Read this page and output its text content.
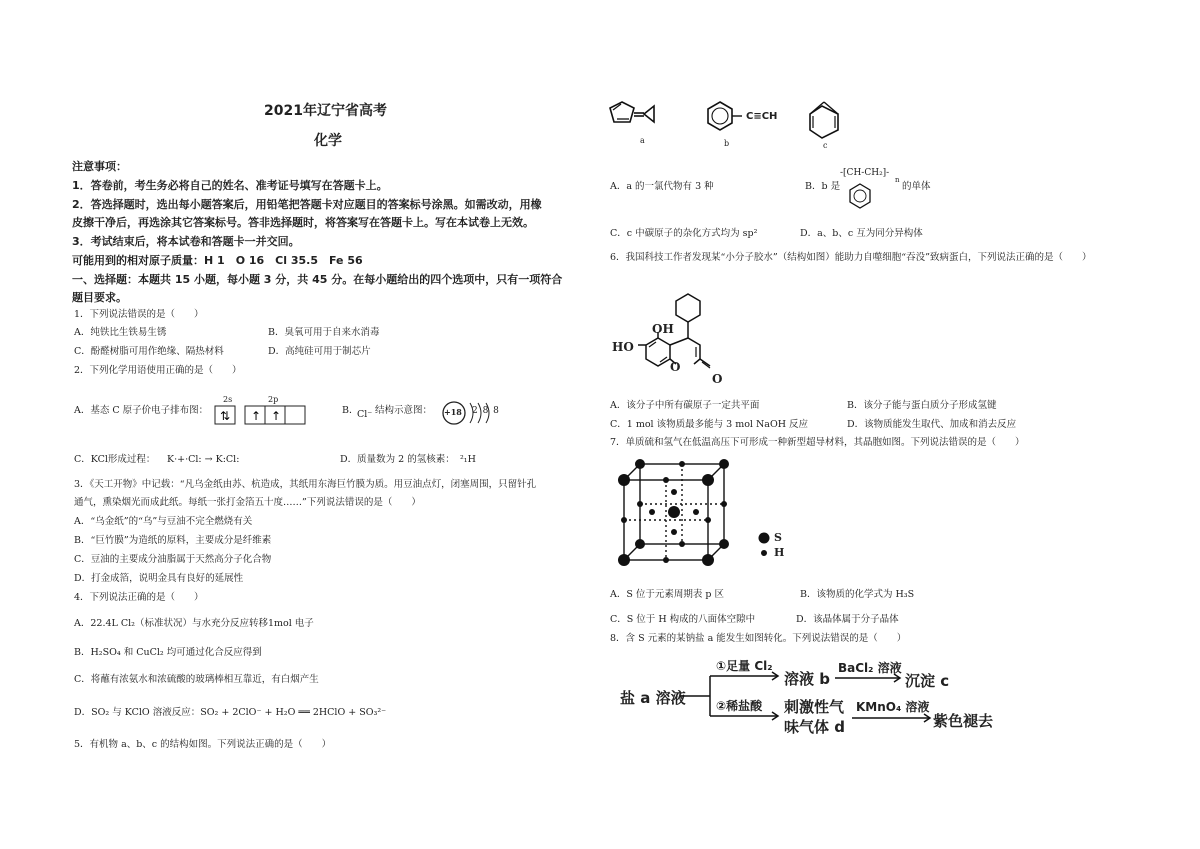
2021年辽宁省高考
化学
注意事项：
1．答卷前，考生务必将自己的姓名、准考证号填写在答题卡上。
2．答选择题时，选出每小题答案后，用铅笔把答题卡对应题目的答案标号涂黑。如需改动，用橡
皮擦干净后，再选涂其它答案标号。答非选择题时，将答案写在答题卡上。写在本试卷上无效。
3．考试结束后，将本试卷和答题卡一并交回。
可能用到的相对原子质量：H 1　O 16　Cl 35.5　Fe 56
一、选择题：本题共 15 小题，每小题 3 分，共 45 分。在每小题给出的四个选项中，只有一项符合
题目要求。
1．下列说法错误的是（　　）
A．纯铁比生铁易生锈	B．臭氧可用于自来水消毒
C．酚醛树脂可用作绝缘、隔热材料	D．高纯硅可用于制芯片
2．下列化学用语使用正确的是（　　）
A．基态 C 原子价电子排布图：
2s	2p
⇅ ↑ ↑	B．
Cl⁻ 结构示意图： +18 2 8 8
C．KCl形成过程： K·+·Cl: → K:Cl:	D．质量数为 2 的氢核素： ²₁H
3．《天工开物》中记载：“凡乌金纸由苏、杭造成，其纸用东海巨竹膜为质。用豆油点灯，闭塞周围，只留针孔
通气，熏染烟光而成此纸。每纸一张打金箔五十度……”下列说法错误的是（　　）
A．“乌金纸”的“乌”与豆油不完全燃烧有关
B．“巨竹膜”为造纸的原料，主要成分是纤维素
C．豆油的主要成分油脂属于天然高分子化合物
D．打金成箔，说明金具有良好的延展性
4．下列说法正确的是（　　）
A．22.4L Cl₂（标准状况）与水充分反应转移1mol 电子
B．H₂SO₄ 和 CuCl₂ 均可通过化合反应得到
C．将蘸有浓氨水和浓硫酸的玻璃棒相互靠近，有白烟产生
D．SO₂ 与 KClO 溶液反应：SO₂ + 2ClO⁻ + H₂O ══ 2HClO + SO₃²⁻
5．有机物 a、b、c 的结构如图。下列说法正确的是（　　）
C≡CH
a	b	c
A．a 的一氯代物有 3 种	B．b 是
-[CH-CH₂]-
n
的单体
C．c 中碳原子的杂化方式均为 sp²	D．a、b、c 互为同分异构体
6．我国科技工作者发现某“小分子胶水”（结构如图）能助力自噬细胞“吞没”致病蛋白，下列说法正确的是（　　）
OH
HO
O
O
A．该分子中所有碳原子一定共平面	B．该分子能与蛋白质分子形成氢键
C．1 mol 该物质最多能与 3 mol NaOH 反应	D．该物质能发生取代、加成和消去反应
7．单质硫和氢气在低温高压下可形成一种新型超导材料，其晶胞如图。下列说法错误的是（　　）
S
H
A．S 位于元素周期表 p 区	B．该物质的化学式为 H₃S
C．S 位于 H 构成的八面体空隙中	D．该晶体属于分子晶体
8．含 S 元素的某钠盐 a 能发生如图转化。下列说法错误的是（　　）
盐 a 溶液
①足量 Cl₂
溶液 b
BaCl₂ 溶液
沉淀 c
②稀盐酸 刺激性气
味气体 d
KMnO₄ 溶液
紫色褪去
